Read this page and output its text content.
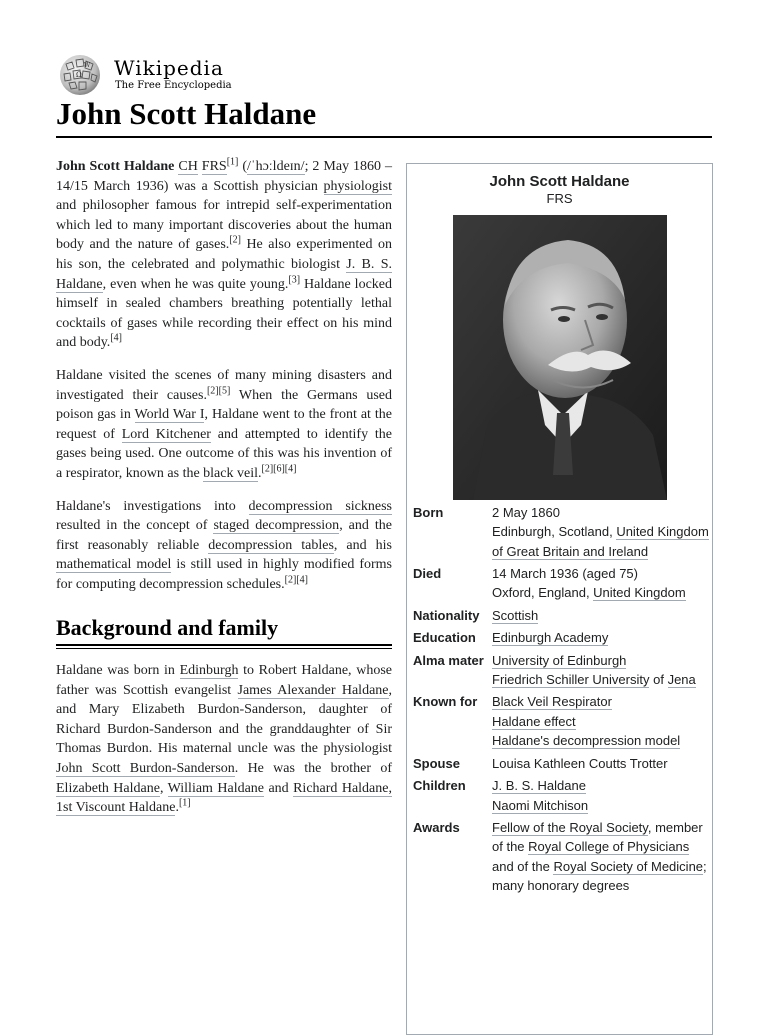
Ω
W Wikipedia
The Free Encyclopedia
John Scott Haldane

John Scott Haldane CH FRS[1] (/ˈhɔːldeɪn/; 2 May 1860 – 14/15 March 1936) was a Scottish physician physiologist and philosopher famous for intrepid self-experimentation which led to many important discoveries about the human body and the nature of gases.[2] He also experimented on his son, the celebrated and polymathic biologist J. B. S. Haldane, even when he was quite young.[3] Haldane locked himself in sealed chambers breathing potentially lethal cocktails of gases while recording their effect on his mind and body.[4]

Haldane visited the scenes of many mining disasters and investigated their causes.[2][5] When the Germans used poison gas in World War I, Haldane went to the front at the request of Lord Kitchener and attempted to identify the gases being used. One outcome of this was his invention of a respirator, known as the black veil.[2][6][4]

Haldane's investigations into decompression sickness resulted in the concept of staged decompression, and the first reasonably reliable decompression tables, and his mathematical model is still used in highly modified forms for computing decompression schedules.[2][4]

Background and family

Haldane was born in Edinburgh to Robert Haldane, whose father was Scottish evangelist James Alexander Haldane, and Mary Elizabeth Burdon-Sanderson, daughter of Richard Burdon-Sanderson and the granddaughter of Sir Thomas Burdon. His maternal uncle was the physiologist John Scott Burdon-Sanderson. He was the brother of Elizabeth Haldane, William Haldane and Richard Haldane, 1st Viscount Haldane.[1]

John Scott Haldane
FRS
Born	2 May 1860
Edinburgh, Scotland, United Kingdom of Great Britain and Ireland
Died	14 March 1936 (aged 75)
Oxford, England, United Kingdom
Nationality Scottish
Education	Edinburgh Academy
Alma mater University of Edinburgh
Friedrich Schiller University of Jena
Known for	Black Veil Respirator
Haldane effect
Haldane's decompression model
Spouse	Louisa Kathleen Coutts Trotter
Children	J. B. S. Haldane
Naomi Mitchison
Awards	Fellow of the Royal Society, member of the Royal College of Physicians and of the Royal Society of Medicine; many honorary degrees
